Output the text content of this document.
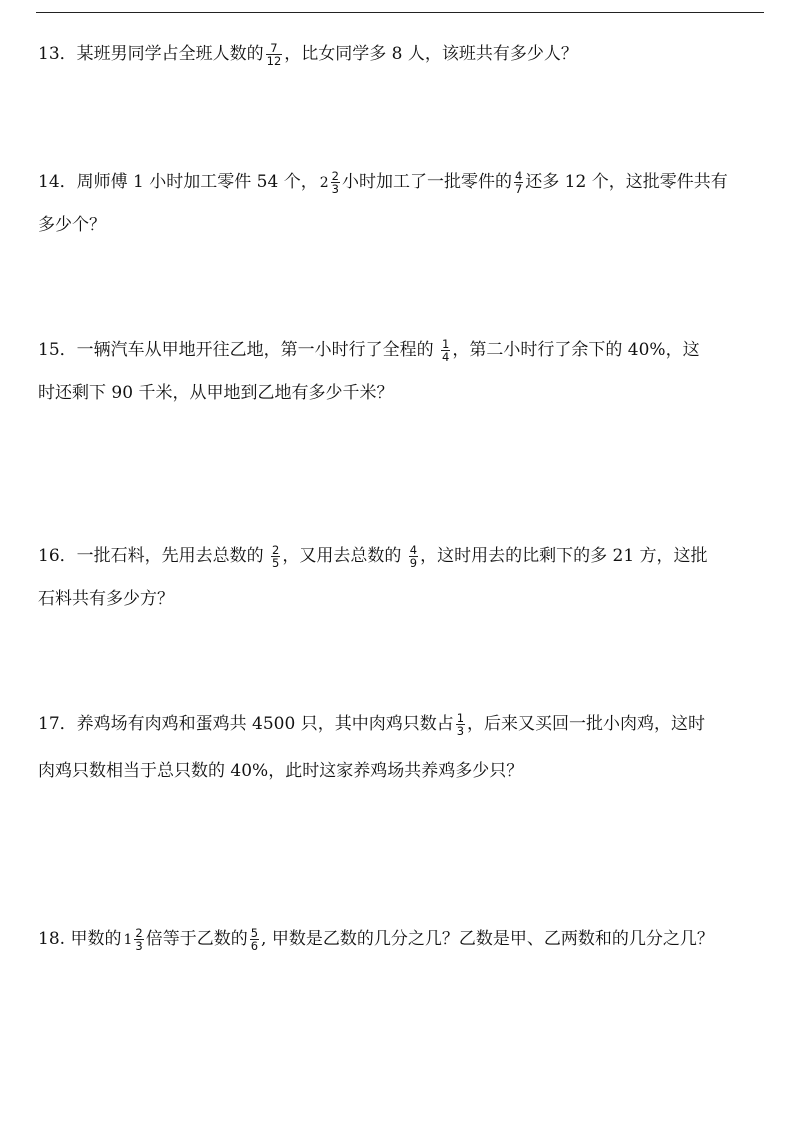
13．某班男同学占全班人数的 $\frac{7}{12}$ ，比女同学多 8 人，该班共有多少人？
14．周师傅 1 小时加工零件 54 个， $2 \frac{2}{3}$ 小时加工了一批零件的 $\frac{4}{7}$ 还多 12 个，这批零件共有
多少个？
15．一辆汽车从甲地开往乙地，第一小时行了全程的 $\frac{1}{4}$ ，第二小时行了余下的 40%，这
时还剩下 90 千米，从甲地到乙地有多少千米？
16．一批石料，先用去总数的 $\frac{2}{5}$ ，又用去总数的 $\frac{4}{9}$ ，这时用去的比剩下的多 21 方，这批
石料共有多少方？
17．养鸡场有肉鸡和蛋鸡共 4500 只，其中肉鸡只数占 $\frac{1}{3}$ ，后来又买回一批小肉鸡，这时
肉鸡只数相当于总只数的 40%，此时这家养鸡场共养鸡多少只？
18. 甲数的 $1 \frac{2}{3}$ 倍等于乙数的 $\frac{5}{6}$ , 甲数是乙数的几分之几？乙数是甲、乙两数和的几分之几？
